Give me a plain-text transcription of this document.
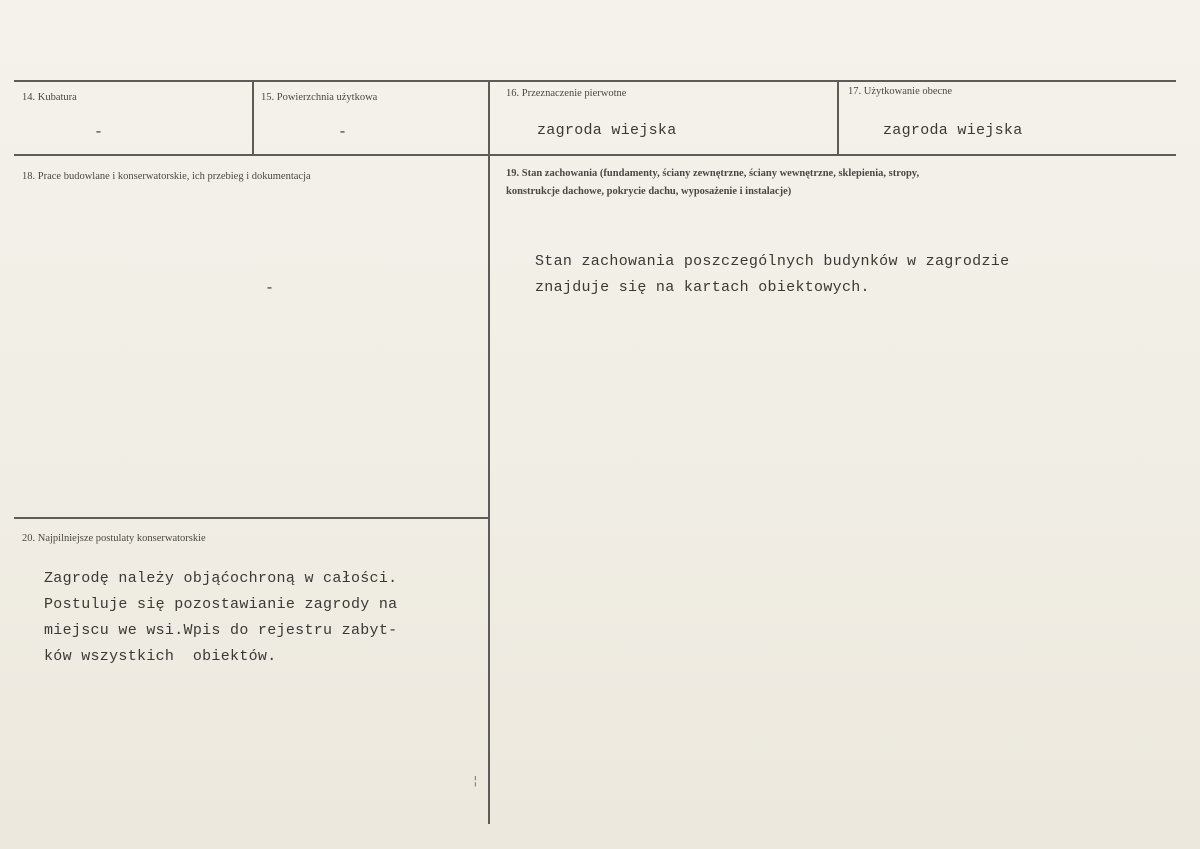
14. Kubatura
-
15. Powierzchnia użytkowa
-
16. Przeznaczenie pierwotne
zagroda wiejska
17. Użytkowanie obecne
zagroda wiejska
18. Prace budowlane i konserwatorskie, ich przebieg i dokumentacja
-
19. Stan zachowania (fundamenty, ściany zewnętrzne, ściany wewnętrzne, sklepienia, stropy,
konstrukcje dachowe, pokrycie dachu, wyposażenie i instalacje)
Stan zachowania poszczególnych budynków w zagrodzie
znajduje się na kartach obiektowych.
20. Najpilniejsze postulaty konserwatorskie
Zagrodę należy objąćochroną w całości.
Postuluje się pozostawianie zagrody na
miejscu we wsi.Wpis do rejestru zabyt-
ków wszystkich  obiektów.
¦
